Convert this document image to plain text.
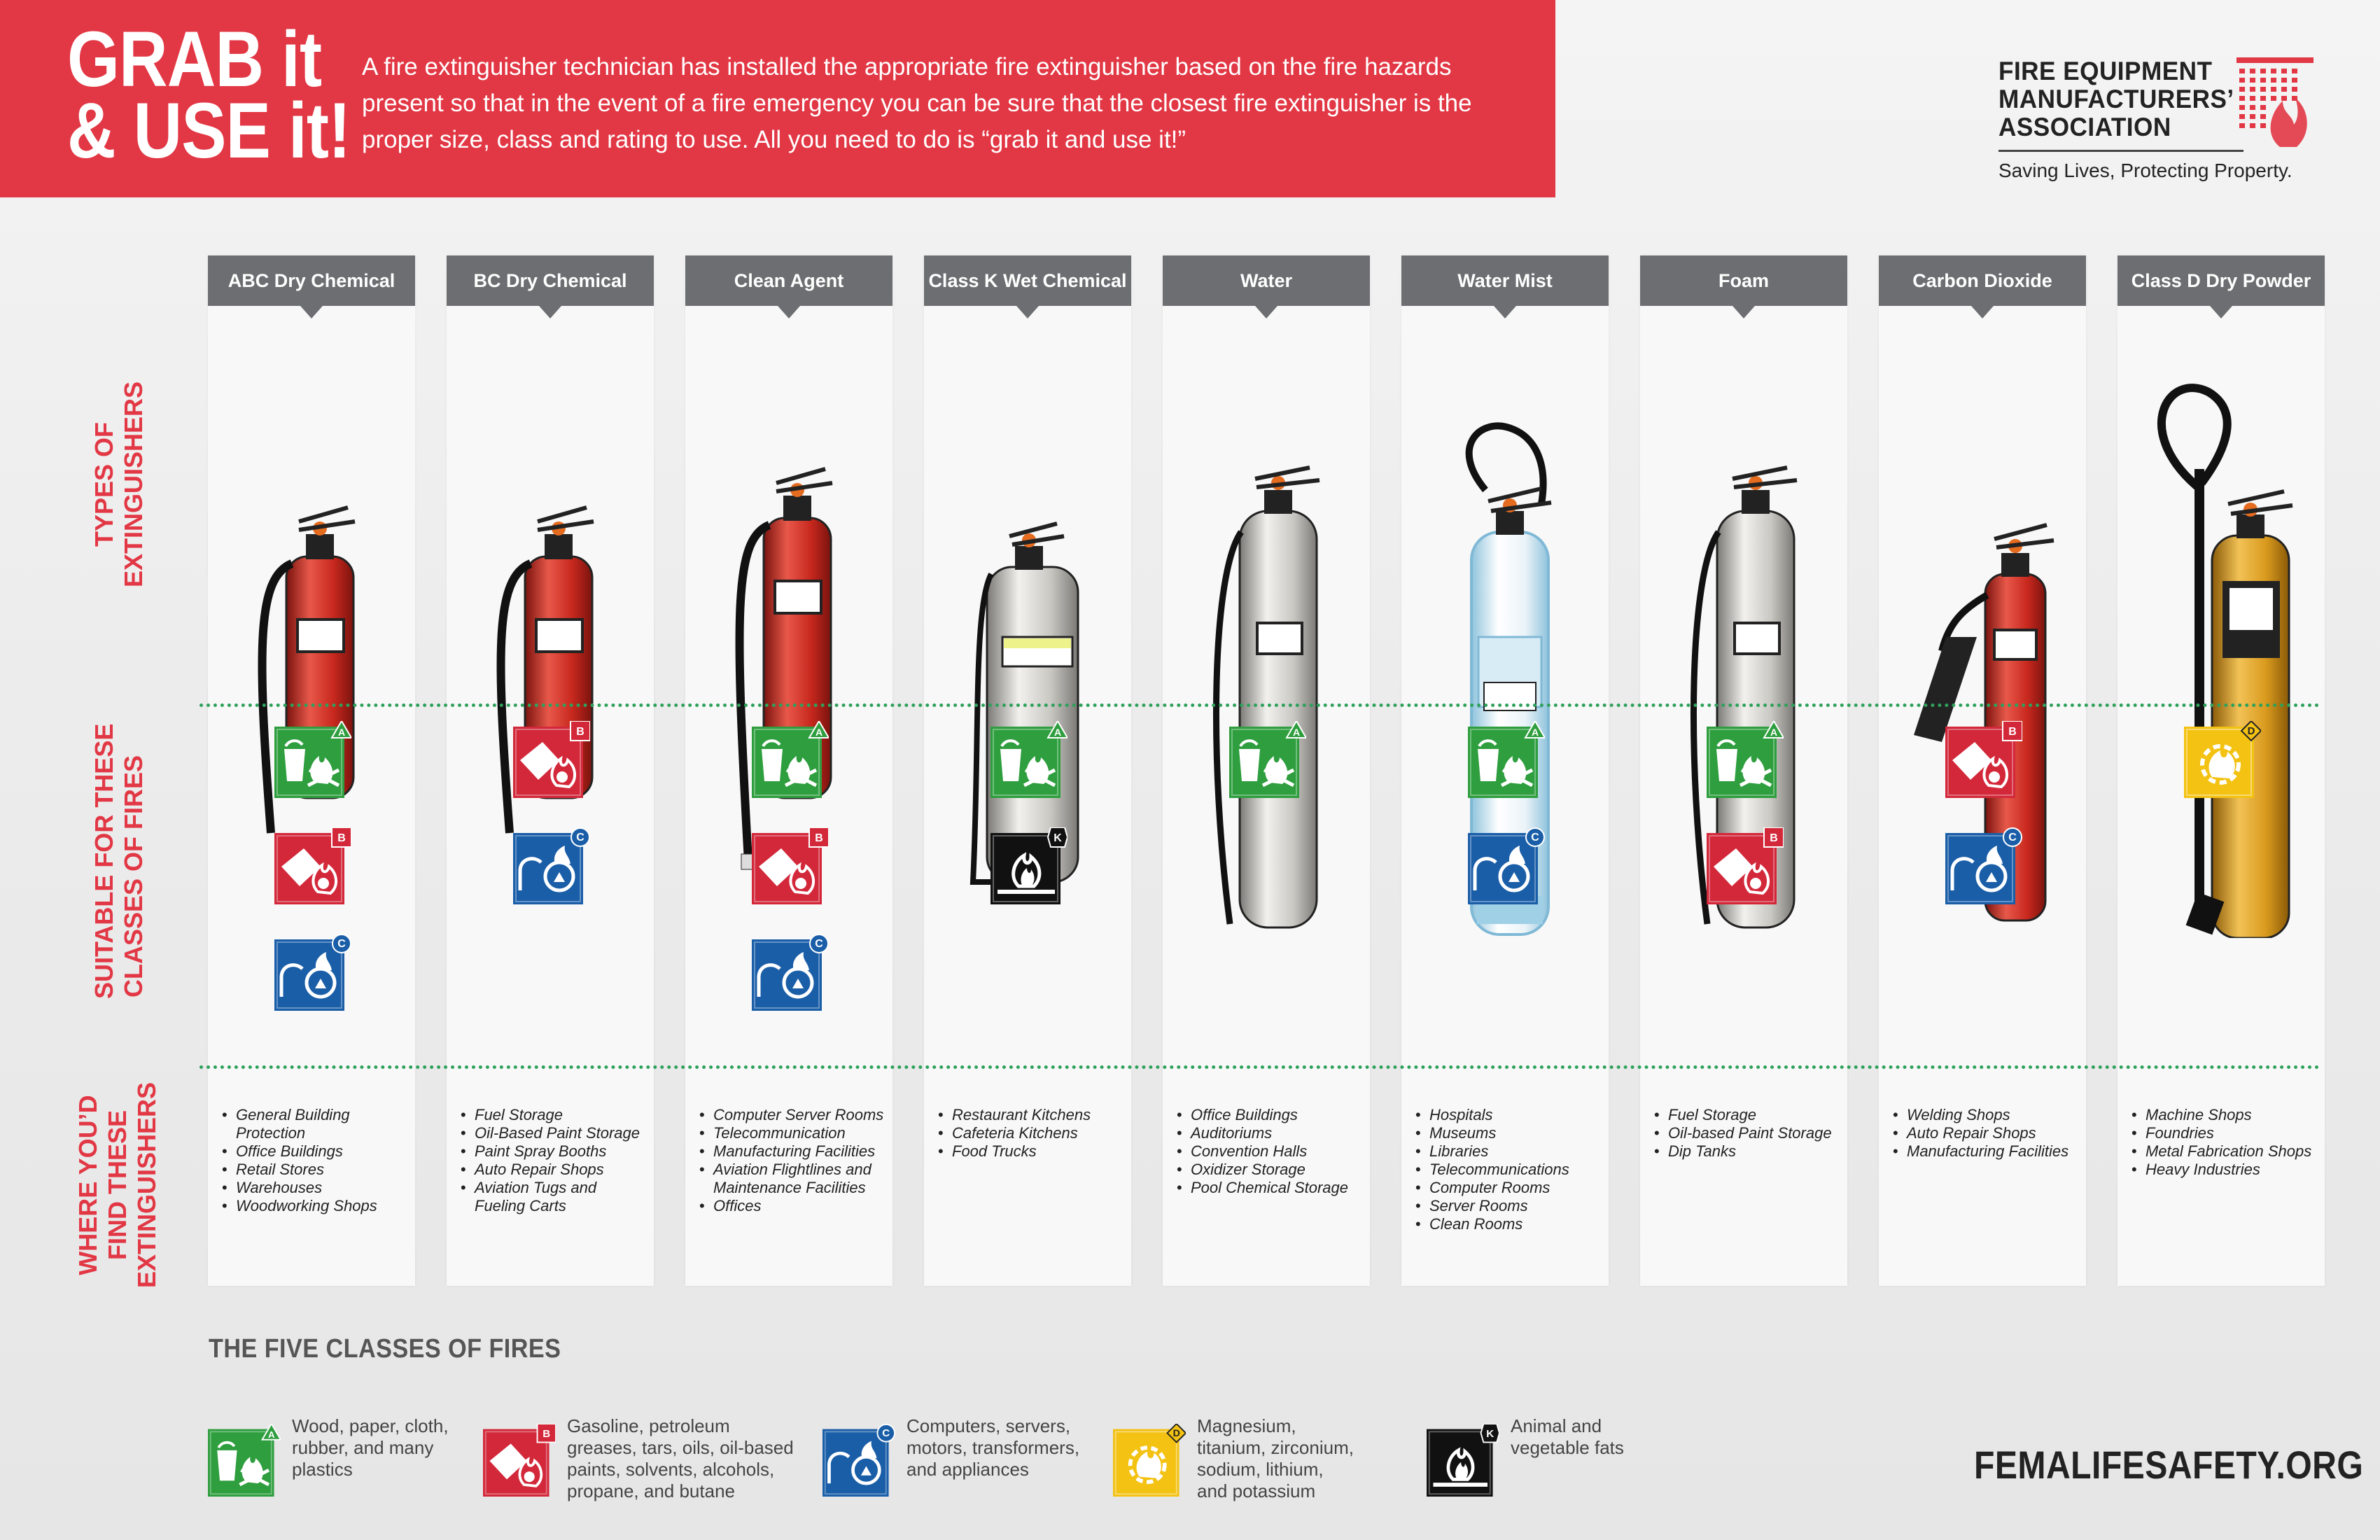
GRAB it
& USE it!
A fire extinguisher technician has installed the appropriate fire extinguisher based on the fire hazards present so that in the event of a fire emergency you can be sure that the closest fire extinguisher is the proper size, class and rating to use. All you need to do is “grab it and use it!”
FIRE EQUIPMENT
MANUFACTURERS’
ASSOCIATION
Saving Lives, Protecting Property.
TYPES OF EXTINGUISHERS
SUITABLE FOR THESE CLASSES OF FIRES
WHERE YOU’D FIND THESE EXTINGUISHERS
ABC Dry Chemical
A
B
C
• General Building Protection
• Office Buildings
• Retail Stores
• Warehouses
• Woodworking Shops
BC Dry Chemical
B
C
• Fuel Storage
• Oil-Based Paint Storage
• Paint Spray Booths
• Auto Repair Shops
• Aviation Tugs and Fueling Carts
Clean Agent
A
B
C
• Computer Server Rooms
• Telecommunication
• Manufacturing Facilities
• Aviation Flightlines and Maintenance Facilities
• Offices
Class K Wet Chemical
A
K
• Restaurant Kitchens
• Cafeteria Kitchens
• Food Trucks
Water
A
• Office Buildings
• Auditoriums
• Convention Halls
• Oxidizer Storage
• Pool Chemical Storage
Water Mist
A
C
• Hospitals
• Museums
• Libraries
• Telecommunications
• Computer Rooms
• Server Rooms
• Clean Rooms
Foam
A
B
• Fuel Storage
• Oil-based Paint Storage
• Dip Tanks
Carbon Dioxide
B
C
• Welding Shops
• Auto Repair Shops
• Manufacturing Facilities
Class D Dry Powder
D
• Machine Shops
• Foundries
• Metal Fabrication Shops
• Heavy Industries
THE FIVE CLASSES OF FIRES
A Wood, paper, cloth,
rubber, and many
plastics
B Gasoline, petroleum
greases, tars, oils, oil-based
paints, solvents, alcohols,
propane, and butane
C Computers, servers,
motors, transformers,
and appliances
D Magnesium,
titanium, zirconium,
sodium, lithium,
and potassium
K Animal and
vegetable fats	FEMALIFESAFETY.ORG
